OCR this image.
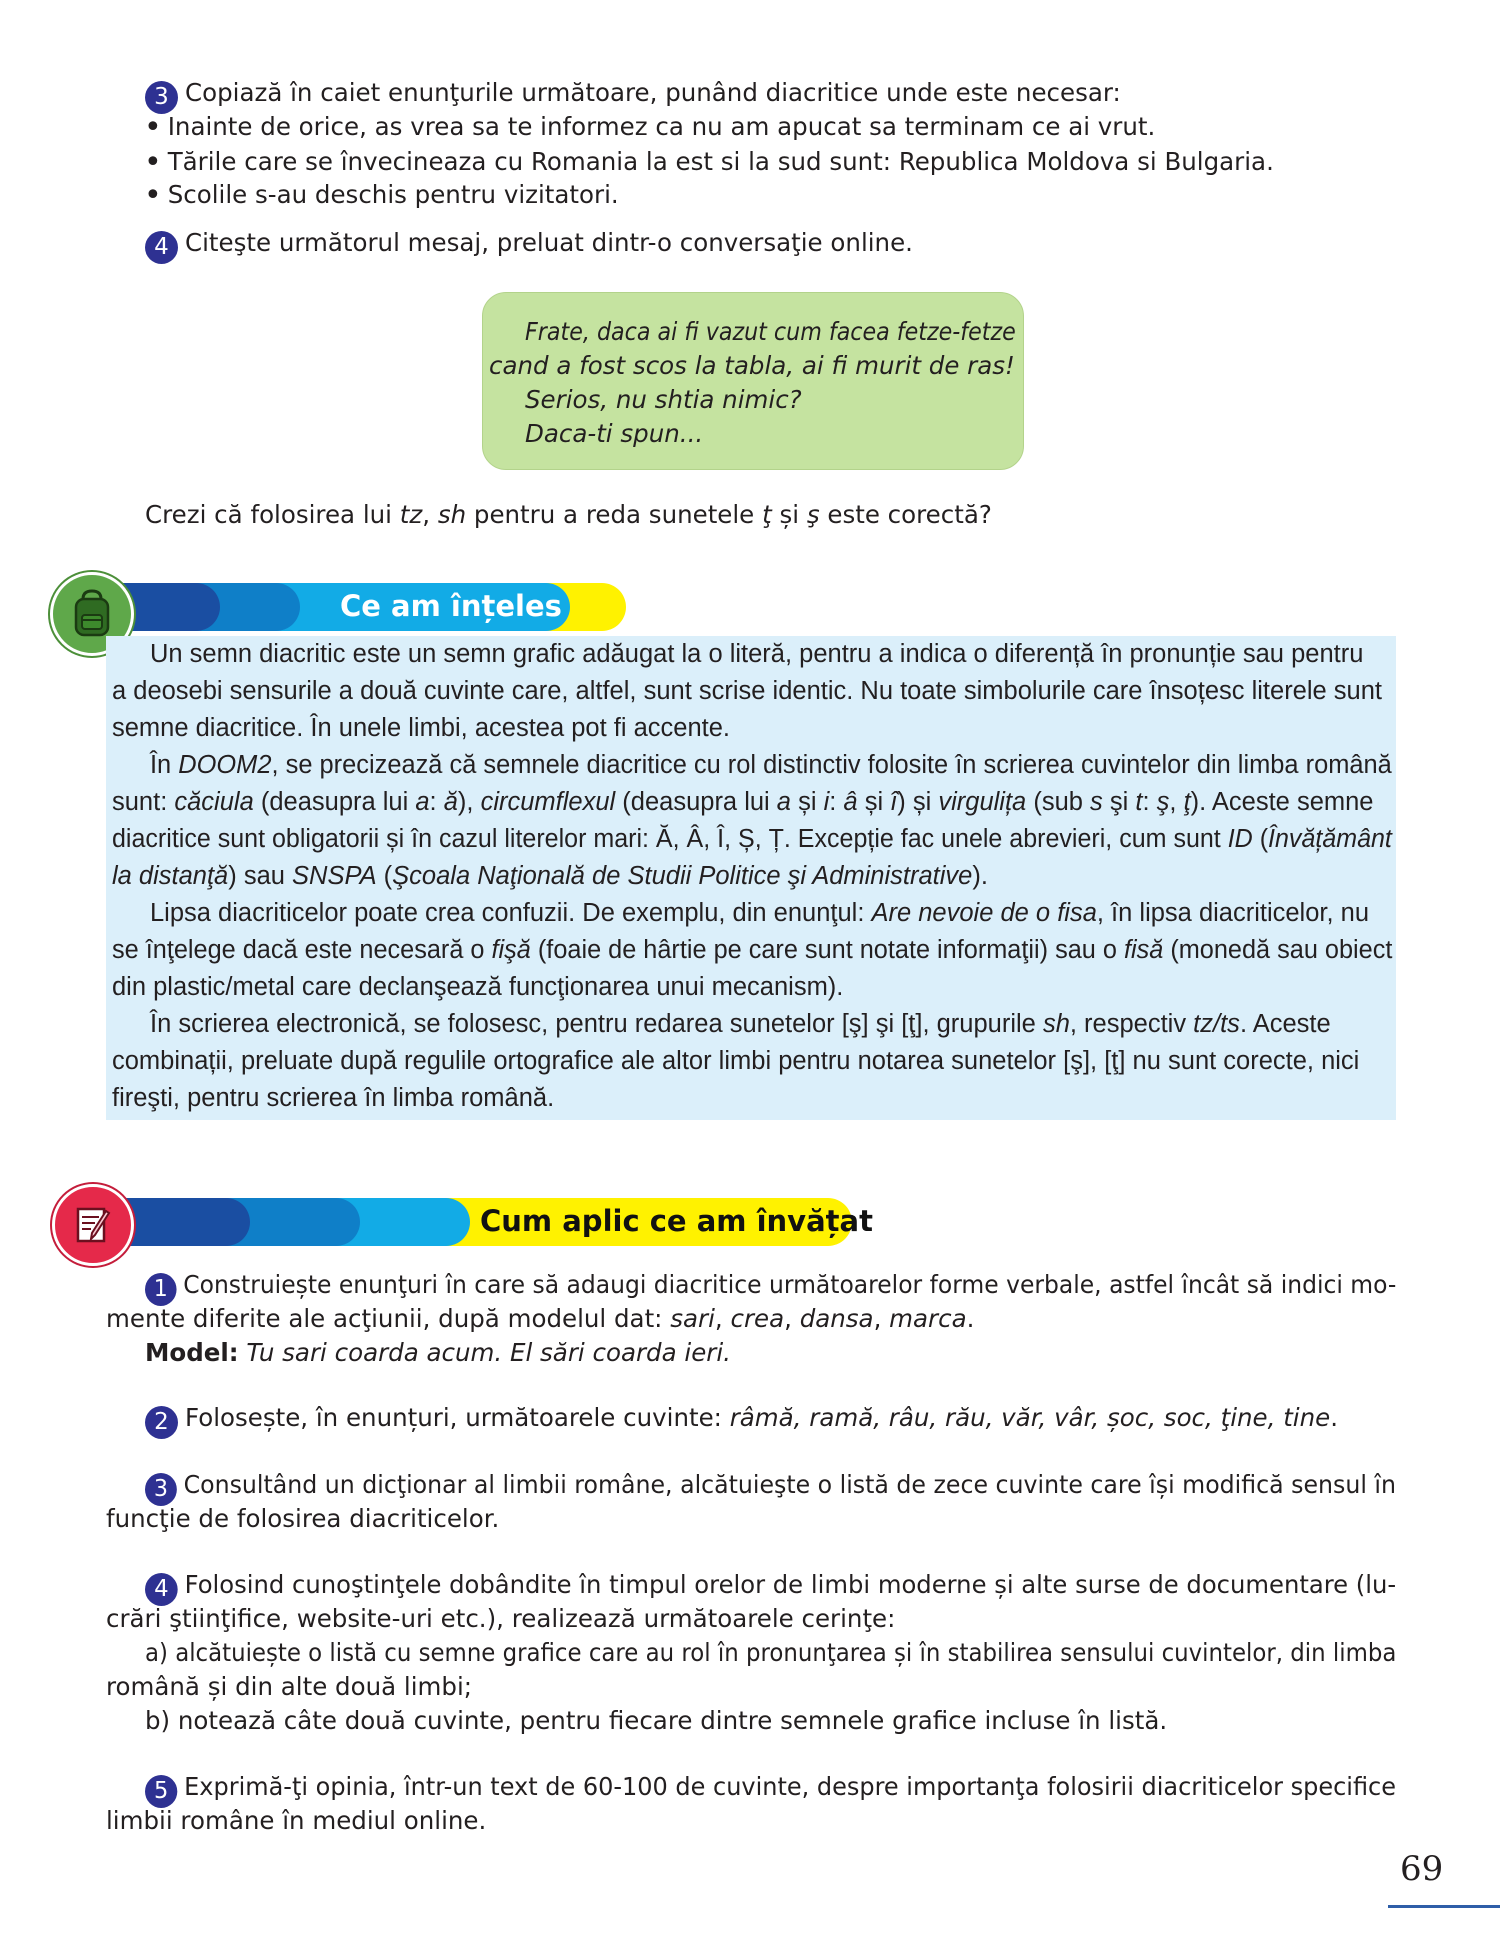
3 Copiază în caiet enunţurile următoare, punând diacritice unde este necesar:
• Inainte de orice, as vrea sa te informez ca nu am apucat sa terminam ce ai vrut.
• Tările care se învecineaza cu Romania la est si la sud sunt: Republica Moldova si Bulgaria.
• Scolile s-au deschis pentru vizitatori.
4 Citeşte următorul mesaj, preluat dintr-o conversaţie online.
Frate, daca ai fi vazut cum facea fetze-fetze
cand a fost scos la tabla, ai fi murit de ras!
Serios, nu shtia nimic?
Daca-ti spun...
Crezi că folosirea lui tz, sh pentru a reda sunetele ţ și ş este corectă?
Ce am înțeles
Un semn diacritic este un semn grafic adăugat la o literă, pentru a indica o diferență în pronunție sau pentru
a deosebi sensurile a două cuvinte care, altfel, sunt scrise identic. Nu toate simbolurile care însoțesc literele sunt
semne diacritice. În unele limbi, acestea pot fi accente.
În DOOM2, se precizează că semnele diacritice cu rol distinctiv folosite în scrierea cuvintelor din limba română
sunt: căciula (deasupra lui a: ă), circumflexul (deasupra lui a și i: â și î) și virgulița (sub s şi t: ş, ţ). Aceste semne
diacritice sunt obligatorii și în cazul literelor mari: Ă, Â, Î, Ș, Ț. Excepție fac unele abrevieri, cum sunt ID (Învățământ
la distanţă) sau SNSPA (Şcoala Naţională de Studii Politice şi Administrative).
Lipsa diacriticelor poate crea confuzii. De exemplu, din enunţul: Are nevoie de o fisa, în lipsa diacriticelor, nu
se înţelege dacă este necesară o fişă (foaie de hârtie pe care sunt notate informaţii) sau o fisă (monedă sau obiect
din plastic/metal care declanşează funcţionarea unui mecanism).
În scrierea electronică, se folosesc, pentru redarea sunetelor [ş] şi [ţ], grupurile sh, respectiv tz/ts. Aceste
combinații, preluate după regulile ortografice ale altor limbi pentru notarea sunetelor [ş], [ţ] nu sunt corecte, nici
fireşti, pentru scrierea în limba română.
Cum aplic ce am învățat
1 Construiește enunţuri în care să adaugi diacritice următoarelor forme verbale, astfel încât să indici mo-
mente diferite ale acţiunii, după modelul dat: sari, crea, dansa, marca.
Model: Tu sari coarda acum. El sări coarda ieri.
2 Folosește, în enunțuri, următoarele cuvinte: râmă, ramă, râu, rău, văr, vâr, șoc, soc, ţine, tine.
3 Consultând un dicţionar al limbii române, alcătuieşte o listă de zece cuvinte care își modifică sensul în
funcţie de folosirea diacriticelor.
4 Folosind cunoştinţele dobândite în timpul orelor de limbi moderne și alte surse de documentare (lu-
crări ştiinţifice, website-uri etc.), realizează următoarele cerinţe:
a) alcătuiește o listă cu semne grafice care au rol în pronunţarea și în stabilirea sensului cuvintelor, din limba
română și din alte două limbi;
b) notează câte două cuvinte, pentru fiecare dintre semnele grafice incluse în listă.
5 Exprimă-ţi opinia, într-un text de 60-100 de cuvinte, despre importanţa folosirii diacriticelor specifice
limbii române în mediul online.
69
